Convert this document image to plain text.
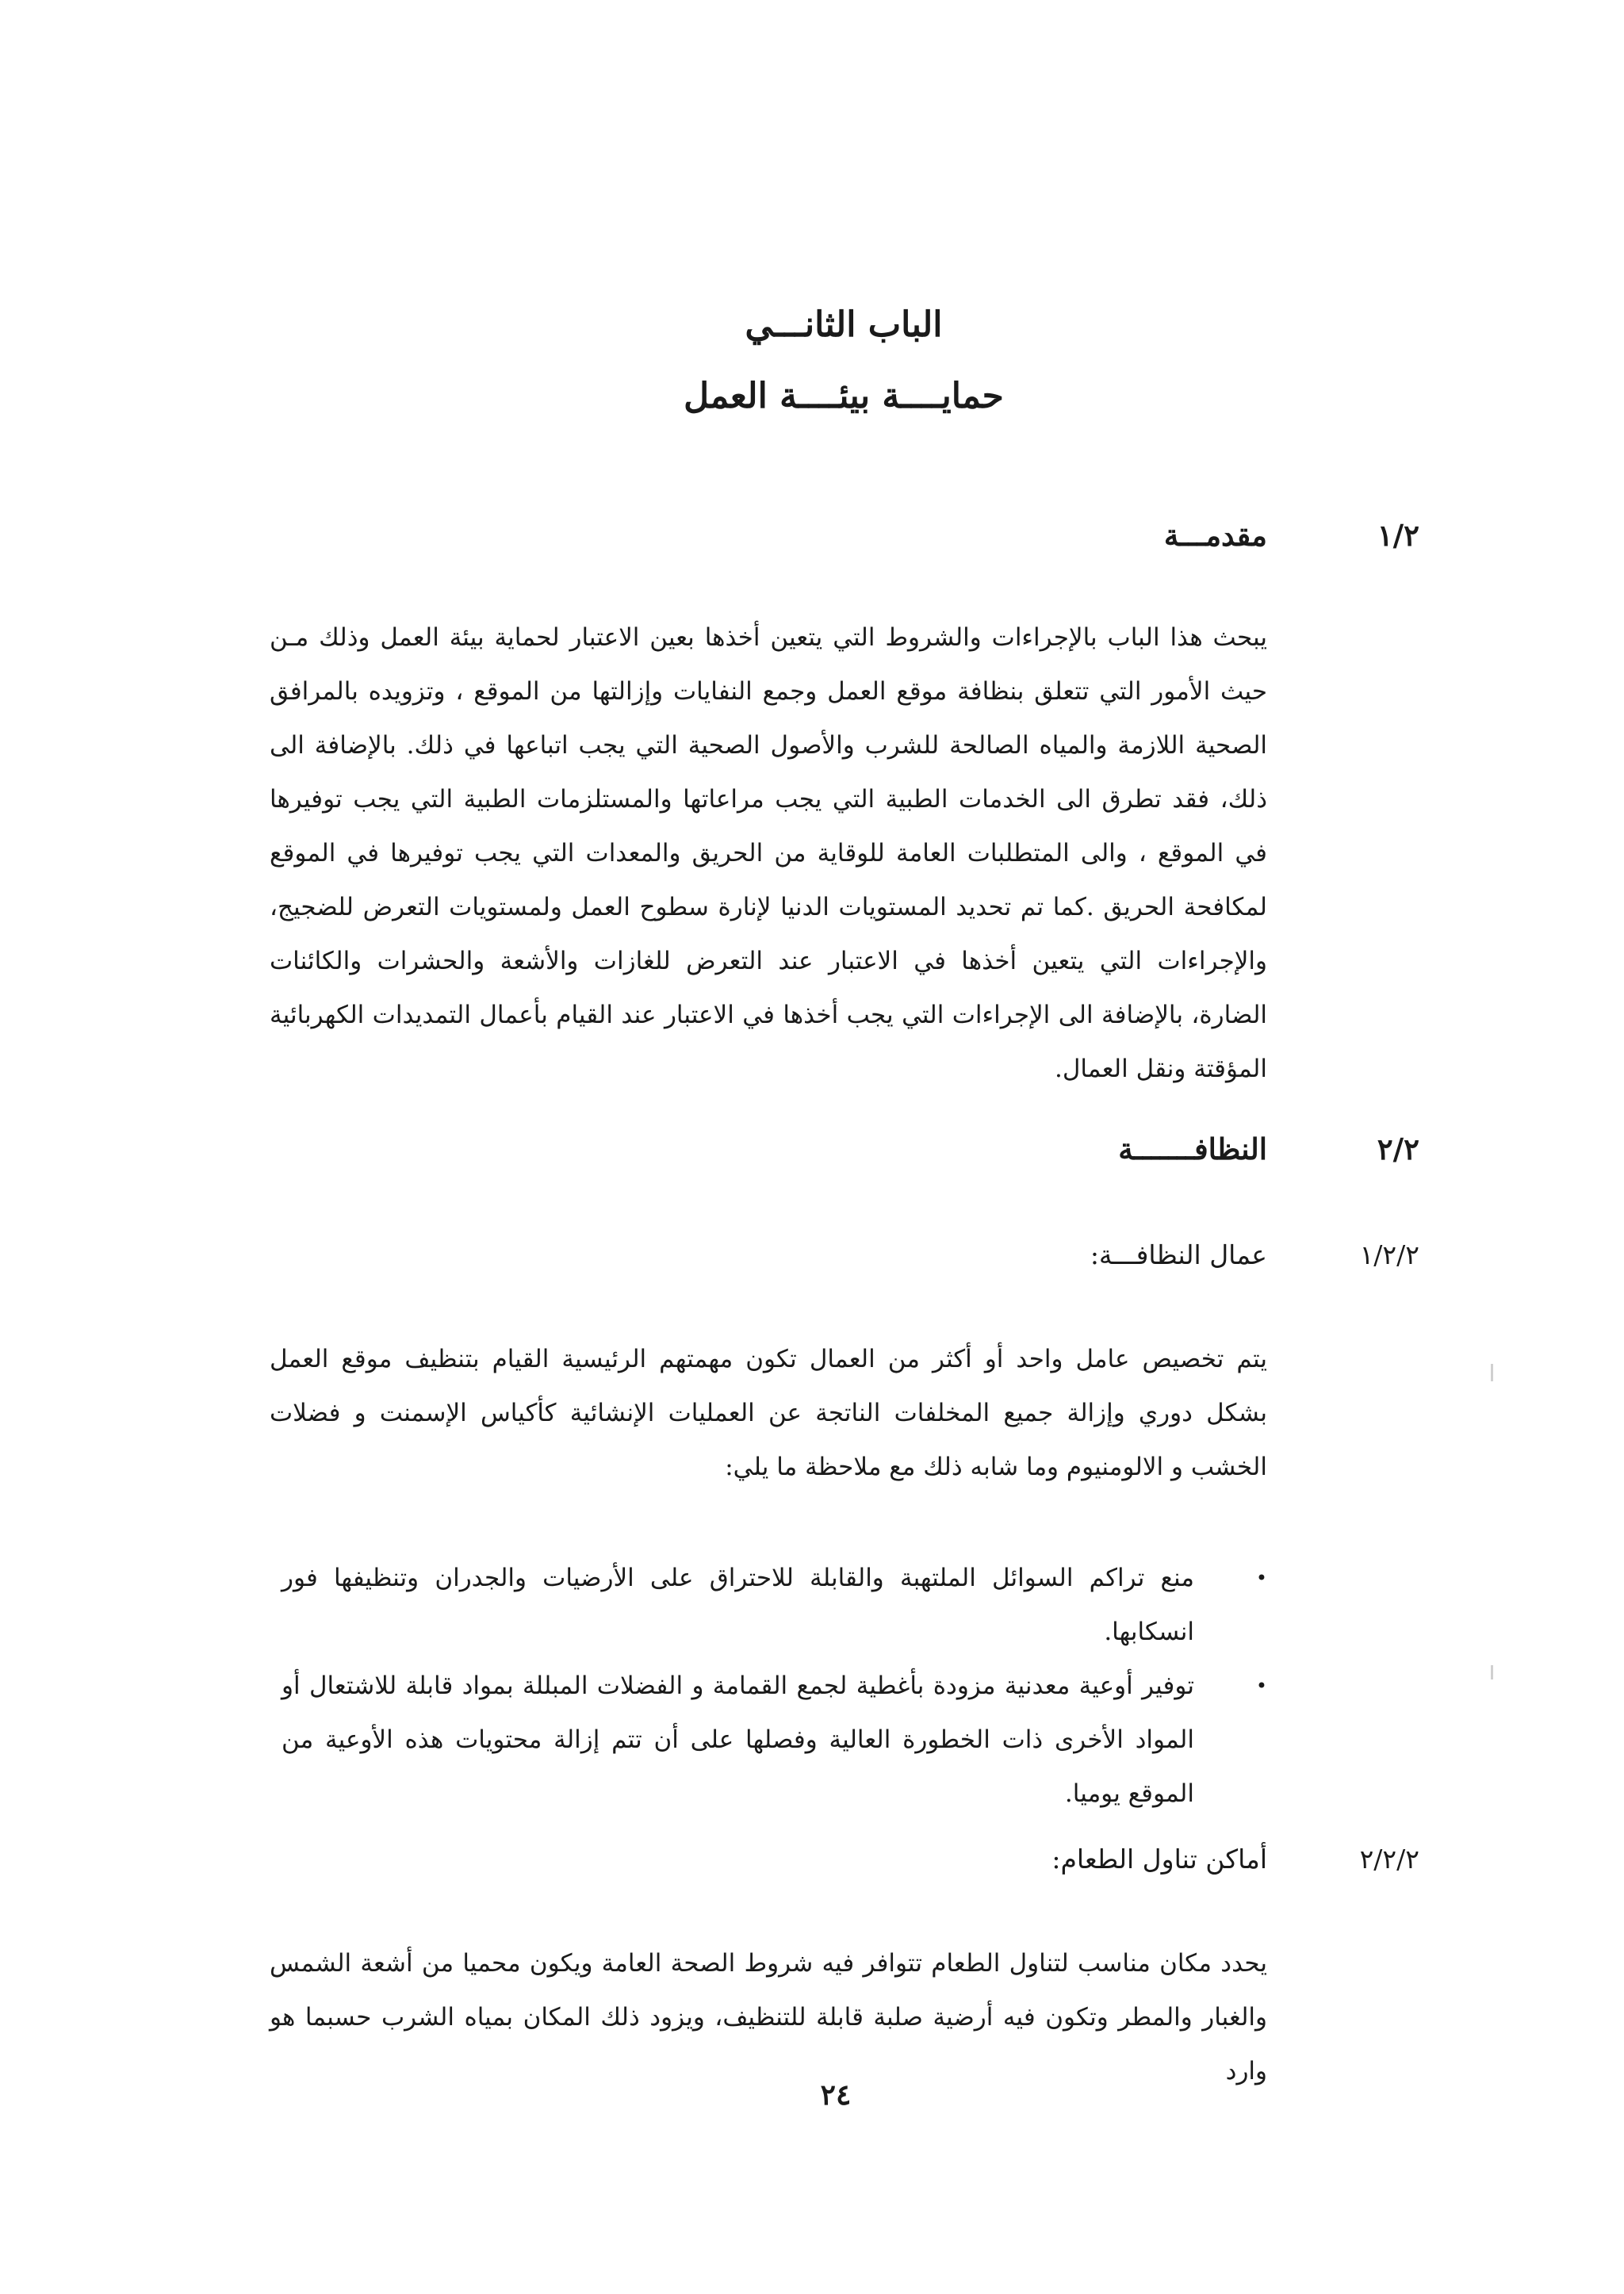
الباب الثانـــي
حمايــــة بيئــــة العمل
١/٢
مقدمـــة

يبحث هذا الباب بالإجراءات والشروط التي يتعين أخذها بعين الاعتبار لحماية بيئة العمل وذلك مـن حيث الأمور التي تتعلق بنظافة موقع العمل وجمع النفايات وإزالتها من الموقع ، وتزويده بالمرافق الصحية اللازمة والمياه الصالحة للشرب والأصول الصحية التي يجب اتباعها في ذلك. بالإضافة الى ذلك، فقد تطرق الى الخدمات الطبية التي يجب مراعاتها والمستلزمات الطبية التي يجب توفيرها في الموقع ، والى المتطلبات العامة للوقاية من الحريق والمعدات التي يجب توفيرها في الموقع لمكافحة الحريق .كما تم تحديد المستويات الدنيا لإنارة سطوح العمل ولمستويات التعرض للضجيج، والإجراءات التي يتعين أخذها في الاعتبار عند التعرض للغازات والأشعة والحشرات والكائنات الضارة، بالإضافة الى الإجراءات التي يجب أخذها في الاعتبار عند القيام بأعمال التمديدات الكهربائية المؤقتة ونقل العمال.

٢/٢
النظافـــــــة
١/٢/٢
عمال النظافـــة:

يتم تخصيص عامل واحد أو أكثر من العمال تكون مهمتهم الرئيسية القيام بتنظيف موقع العمل بشكل دوري وإزالة جميع المخلفات الناتجة عن العمليات الإنشائية كأكياس الإسمنت و فضلات الخشب و الالومنيوم وما شابه ذلك مع ملاحظة ما يلي:

•
منع تراكم السوائل الملتهبة والقابلة للاحتراق على الأرضيات والجدران وتنظيفها فور انسكابها.
•
توفير أوعية معدنية مزودة بأغطية لجمع القمامة و الفضلات المبللة بمواد قابلة للاشتعال أو المواد الأخرى ذات الخطورة العالية وفصلها على أن تتم إزالة محتويات هذه الأوعية من الموقع يوميا.
٢/٢/٢
أماكن تناول الطعام:

يحدد مكان مناسب لتناول الطعام تتوافر فيه شروط الصحة العامة ويكون محميا من أشعة الشمس والغبار والمطر وتكون فيه أرضية صلبة قابلة للتنظيف، ويزود ذلك المكان بمياه الشرب حسبما هو وارد

٢٤
